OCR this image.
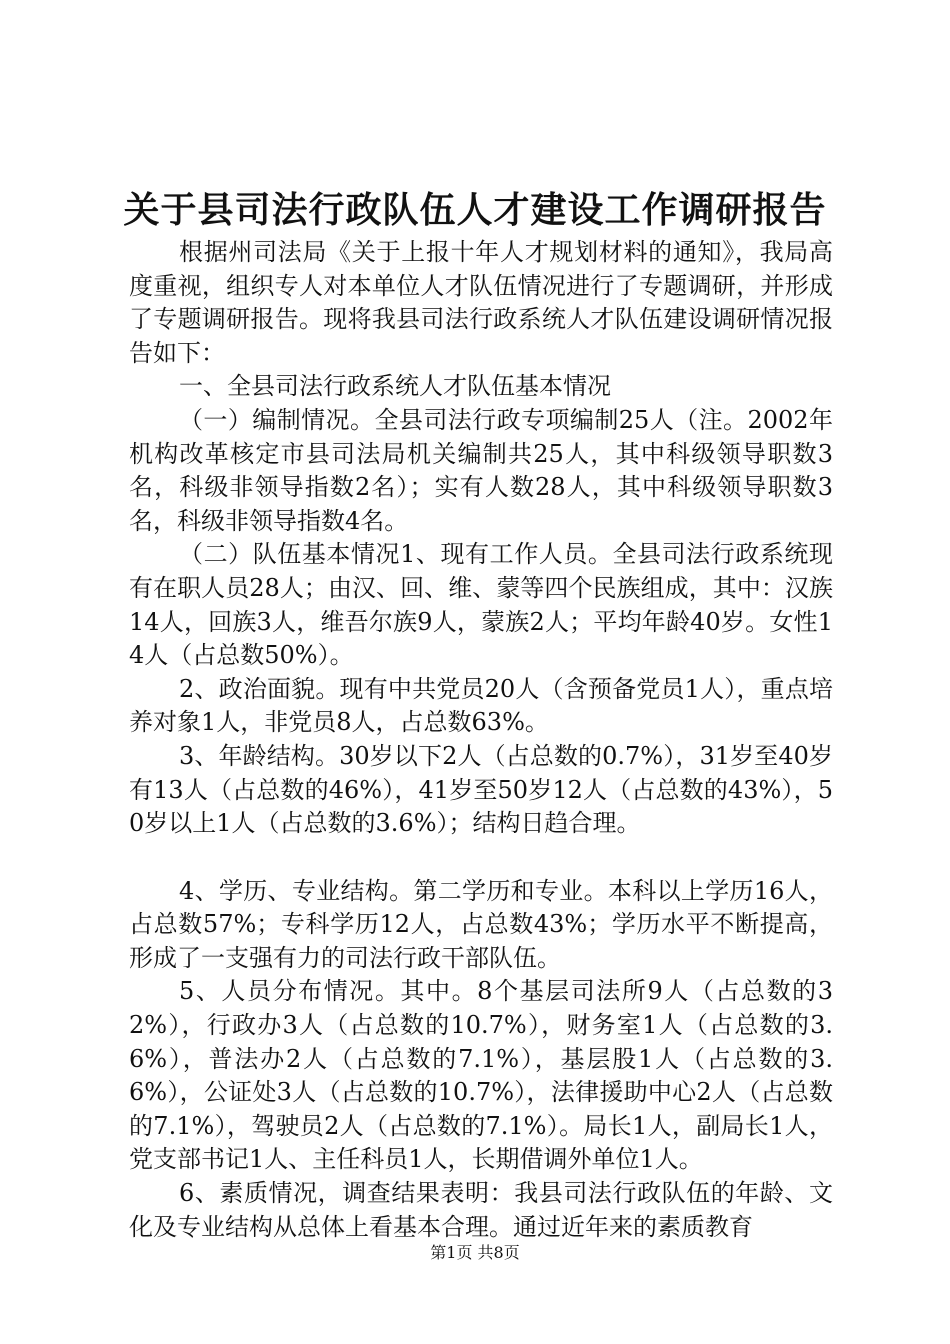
关于县司法行政队伍人才建设工作调研报告

根据州司法局《关于上报十年人才规划材料的通知》，我局高度重视，组织专人对本单位人才队伍情况进行了专题调研，并形成了专题调研报告。现将我县司法行政系统人才队伍建设调研情况报告如下：

一、全县司法行政系统人才队伍基本情况

（一）编制情况。全县司法行政专项编制25人（注。2002年机构改革核定市县司法局机关编制共25人，其中科级领导职数3名，科级非领导指数2名）；实有人数28人，其中科级领导职数3名，科级非领导指数4名。

（二）队伍基本情况1、现有工作人员。全县司法行政系统现有在职人员28人；由汉、回、维、蒙等四个民族组成，其中：汉族14人，回族3人，维吾尔族9人，蒙族2人；平均年龄40岁。女性14人（占总数50%）。

2、政治面貌。现有中共党员20人（含预备党员1人），重点培养对象1人，非党员8人，占总数63%。

3、年龄结构。30岁以下2人（占总数的0.7%），31岁至40岁有13人（占总数的46%），41岁至50岁12人（占总数的43%），50岁以上1人（占总数的3.6%）；结构日趋合理。

4、学历、专业结构。第二学历和专业。本科以上学历16人，占总数57%；专科学历12人，占总数43%；学历水平不断提高，形成了一支强有力的司法行政干部队伍。

5、人员分布情况。其中。8个基层司法所9人（占总数的32%），行政办3人（占总数的10.7%），财务室1人（占总数的3.6%），普法办2人（占总数的7.1%），基层股1人（占总数的3.6%），公证处3人（占总数的10.7%），法律援助中心2人（占总数的7.1%），驾驶员2人（占总数的7.1%）。局长1人，副局长1人，党支部书记1人、主任科员1人，长期借调外单位1人。

6、素质情况，调查结果表明：我县司法行政队伍的年龄、文化及专业结构从总体上看基本合理。通过近年来的素质教育

第1页 共8页
